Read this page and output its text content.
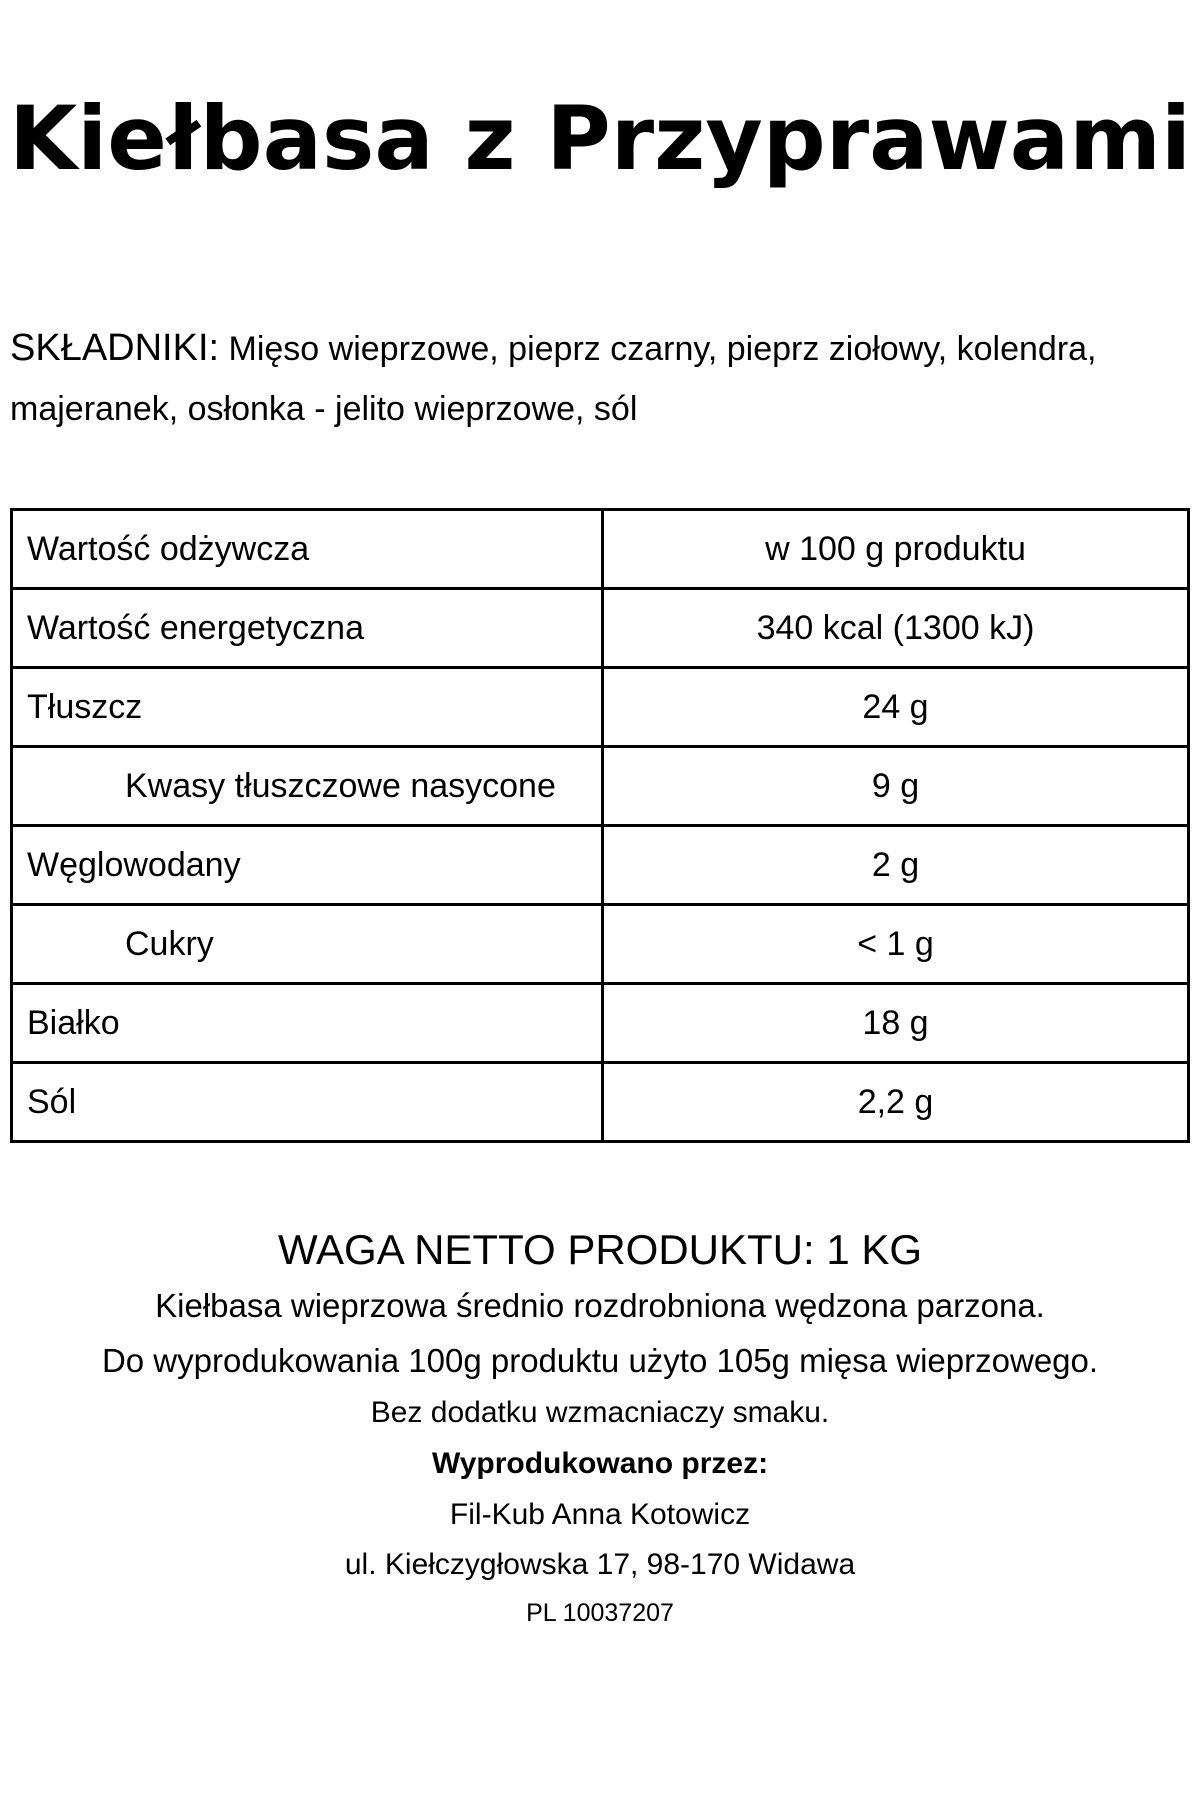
Kiełbasa z Przyprawami
SKŁADNIKI: Mięso wieprzowe, pieprz czarny, pieprz ziołowy, kolendra, majeranek, osłonka - jelito wieprzowe, sól
Wartość odżywcza	w 100 g produktu
Wartość energetyczna	340 kcal (1300 kJ)
Tłuszcz	24 g
Kwasy tłuszczowe nasycone	9 g
Węglowodany	2 g
Cukry	< 1 g
Białko	18 g
Sól	2,2 g
WAGA NETTO PRODUKTU: 1 KG
Kiełbasa wieprzowa średnio rozdrobniona wędzona parzona.
Do wyprodukowania 100g produktu użyto 105g mięsa wieprzowego.
Bez dodatku wzmacniaczy smaku.
Wyprodukowano przez:
Fil-Kub Anna Kotowicz
ul. Kiełczygłowska 17, 98-170 Widawa
PL 10037207
